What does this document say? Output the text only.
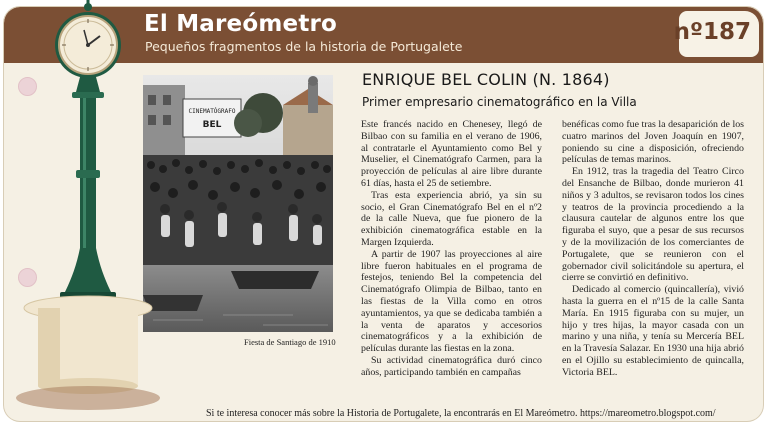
El Mareómetro
Pequeños fragmentos de la historia de Portugalete
nº187
CINEMATÓGRAFO
BEL
Fiesta de Santiago de 1910
ENRIQUE BEL COLIN (N. 1864)
Primer empresario cinematográfico en la Villa

Este francés nacido en Chenesey, llegó de Bilbao con su familia en el verano de 1906, al contratarle el Ayuntamiento como Bel y Muselier, el Cinematógrafo Carmen, para la proyección de películas al aire libre durante 61 días, hasta el 25 de setiembre.

Tras esta experiencia abrió, ya sin su socio, el Gran Cinematógrafo Bel en el nº2 de la calle Nueva, que fue pionero de la exhibición cinematográfica estable en la Margen Izquierda.

A partir de 1907 las proyecciones al aire libre fueron habituales en el programa de festejos, teniendo Bel la competencia del Cinematógrafo Olimpia de Bilbao, tanto en las fiestas de la Villa como en otros ayuntamientos, ya que se dedicaba también a la venta de aparatos y accesorios cinematográficos y a la exhibición de películas durante las fiestas en la zona.

Su actividad cinematográfica duró cinco años, participando también en campañas

benéficas como fue tras la desaparición de los cuatro marinos del Joven Joaquín en 1907, poniendo su cine a disposición, ofreciendo películas de temas marinos.

En 1912, tras la tragedia del Teatro Circo del Ensanche de Bilbao, donde murieron 41 niños y 3 adultos, se revisaron todos los cines y teatros de la provincia procediendo a la clausura cautelar de algunos entre los que figuraba el suyo, que a pesar de sus recursos y de la movilización de los comerciantes de Portugalete, que se reunieron con el gobernador civil solicitándole su apertura, el cierre se convirtió en definitivo.

Dedicado al comercio (quincallería), vivió hasta la guerra en el nº15 de la calle Santa María. En 1915 figuraba con su mujer, un hijo y tres hijas, la mayor casada con un marino y una niña, y tenía su Mercería BEL en la Travesía Salazar. En 1930 una hija abrió en el Ojillo su establecimiento de quincalla, Victoria BEL.

Si te interesa conocer más sobre la Historia de Portugalete, la encontrarás en El Mareómetro. https://mareometro.blogspot.com/
